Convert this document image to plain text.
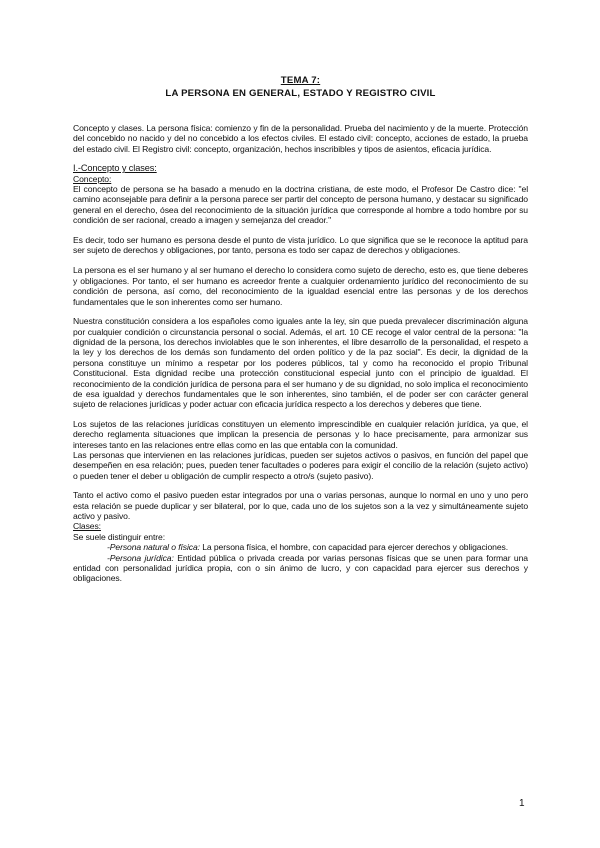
TEMA 7:
LA PERSONA EN GENERAL, ESTADO Y REGISTRO CIVIL

Concepto y clases. La persona física: comienzo y fin de la personalidad. Prueba del nacimiento y de la muerte. Protección del concebido no nacido y del no concebido a los efectos civiles. El estado civil: concepto, acciones de estado, la prueba del estado civil. El Registro civil: concepto, organización, hechos inscribibles y tipos de asientos, eficacia jurídica.

I.-Concepto y clases:
Concepto:

El concepto de persona se ha basado a menudo en la doctrina cristiana, de este modo, el Profesor De Castro dice: "el camino aconsejable para definir a la persona parece ser partir del concepto de persona humano, y destacar su significado general en el derecho, ósea del reconocimiento de la situación jurídica que corresponde al hombre a todo hombre por su condición de ser racional, creado a imagen y semejanza del creador."

Es decir, todo ser humano es persona desde el punto de vista jurídico. Lo que significa que se le reconoce la aptitud para ser sujeto de derechos y obligaciones, por tanto, persona es todo ser capaz de derechos y obligaciones.

La persona es el ser humano y al ser humano el derecho lo considera como sujeto de derecho, esto es, que tiene deberes y obligaciones. Por tanto, el ser humano es acreedor frente a cualquier ordenamiento jurídico del reconocimiento de su condición de persona, así como, del reconocimiento de la igualdad esencial entre las personas y de los derechos fundamentales que le son inherentes como ser humano.

Nuestra constitución considera a los españoles como iguales ante la ley, sin que pueda prevalecer discriminación alguna por cualquier condición o circunstancia personal o social. Además, el art. 10 CE recoge el valor central de la persona: "la dignidad de la persona, los derechos inviolables que le son inherentes, el libre desarrollo de la personalidad, el respeto a la ley y los derechos de los demás son fundamento del orden político y de la paz social". Es decir, la dignidad de la persona constituye un mínimo a respetar por los poderes públicos, tal y como ha reconocido el propio Tribunal Constitucional. Esta dignidad recibe una protección constitucional especial junto con el principio de igualdad. El reconocimiento de la condición jurídica de persona para el ser humano y de su dignidad, no solo implica el reconocimiento de esa igualdad y derechos fundamentales que le son inherentes, sino también, el de poder ser con carácter general sujeto de relaciones jurídicas y poder actuar con eficacia jurídica respecto a los derechos y deberes que tiene.

Los sujetos de las relaciones jurídicas constituyen un elemento imprescindible en cualquier relación jurídica, ya que, el derecho reglamenta situaciones que implican la presencia de personas y lo hace precisamente, para armonizar sus intereses tanto en las relaciones entre ellas como en las que entabla con la comunidad.

Las personas que intervienen en las relaciones jurídicas, pueden ser sujetos activos o pasivos, en función del papel que desempeñen en esa relación; pues, pueden tener facultades o poderes para exigir el concilio de la relación (sujeto activo) o pueden tener el deber u obligación de cumplir respecto a otro/s (sujeto pasivo).

Tanto el activo como el pasivo pueden estar integrados por una o varias personas, aunque lo normal en uno y uno pero esta relación se puede duplicar y ser bilateral, por lo que, cada uno de los sujetos son a la vez y simultáneamente sujeto activo y pasivo.

Clases:
Se suele distinguir entre:

-Persona natural o física: La persona física, el hombre, con capacidad para ejercer derechos y obligaciones.

-Persona jurídica: Entidad pública o privada creada por varias personas físicas que se unen para formar una entidad con personalidad jurídica propia, con o sin ánimo de lucro, y con capacidad para ejercer sus derechos y obligaciones.

1
